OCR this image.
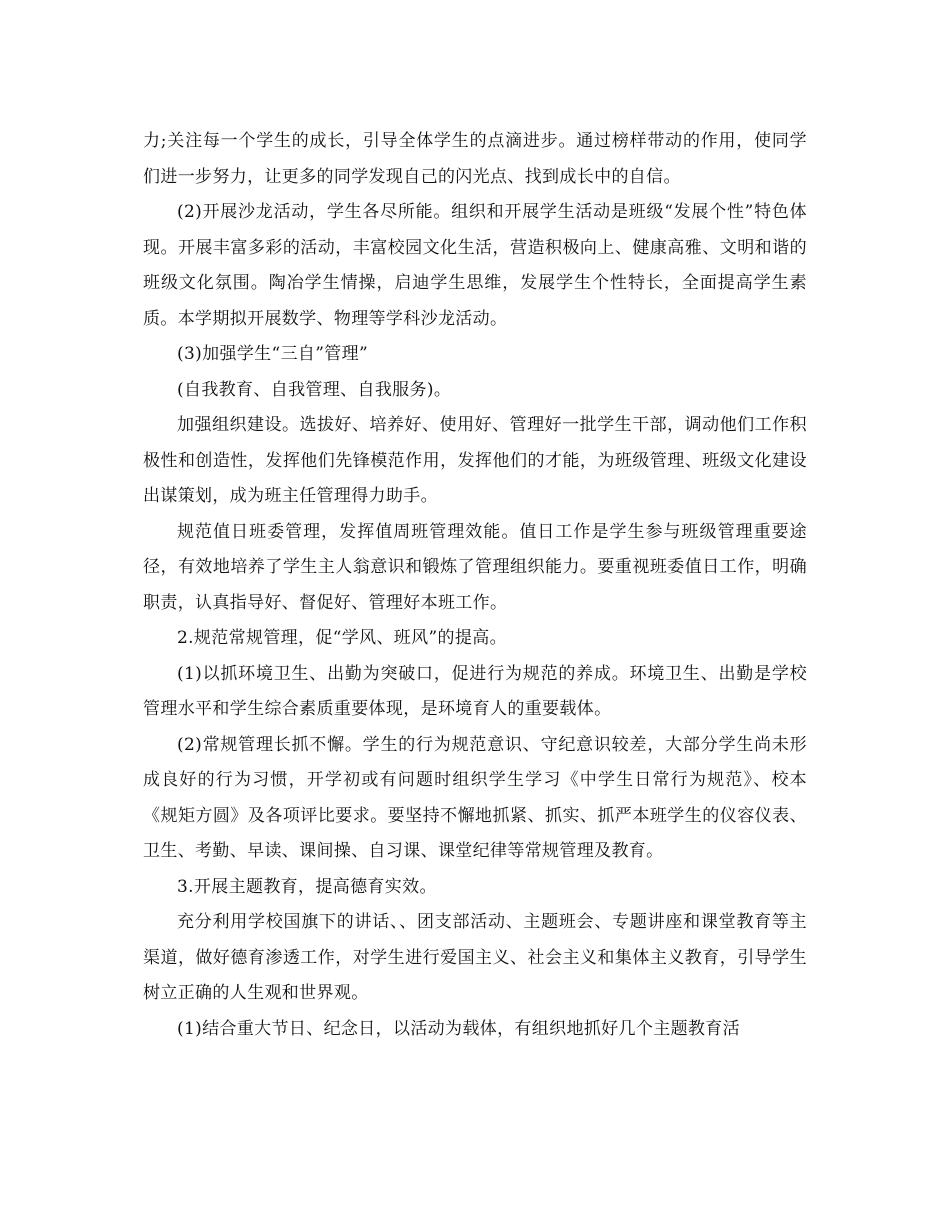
力;关注每一个学生的成长，引导全体学生的点滴进步。通过榜样带动的作用，使同学们进一步努力，让更多的同学发现自己的闪光点、找到成长中的自信。

(2)开展沙龙活动，学生各尽所能。组织和开展学生活动是班级“发展个性”特色体现。开展丰富多彩的活动，丰富校园文化生活，营造积极向上、健康高雅、文明和谐的班级文化氛围。陶冶学生情操，启迪学生思维，发展学生个性特长，全面提高学生素质。本学期拟开展数学、物理等学科沙龙活动。

(3)加强学生“三自”管理”

(自我教育、自我管理、自我服务)。

加强组织建设。选拔好、培养好、使用好、管理好一批学生干部，调动他们工作积极性和创造性，发挥他们先锋模范作用，发挥他们的才能，为班级管理、班级文化建设出谋策划，成为班主任管理得力助手。

规范值日班委管理，发挥值周班管理效能。值日工作是学生参与班级管理重要途径，有效地培养了学生主人翁意识和锻炼了管理组织能力。要重视班委值日工作，明确职责，认真指导好、督促好、管理好本班工作。

2.规范常规管理，促“学风、班风”的提高。

(1)以抓环境卫生、出勤为突破口，促进行为规范的养成。环境卫生、出勤是学校管理水平和学生综合素质重要体现，是环境育人的重要载体。

(2)常规管理长抓不懈。学生的行为规范意识、守纪意识较差，大部分学生尚未形成良好的行为习惯，开学初或有问题时组织学生学习《中学生日常行为规范》、校本《规矩方圆》及各项评比要求。要坚持不懈地抓紧、抓实、抓严本班学生的仪容仪表、卫生、考勤、早读、课间操、自习课、课堂纪律等常规管理及教育。

3.开展主题教育，提高德育实效。

充分利用学校国旗下的讲话、、团支部活动、主题班会、专题讲座和课堂教育等主渠道，做好德育渗透工作，对学生进行爱国主义、社会主义和集体主义教育，引导学生树立正确的人生观和世界观。

(1)结合重大节日、纪念日，以活动为载体，有组织地抓好几个主题教育活
